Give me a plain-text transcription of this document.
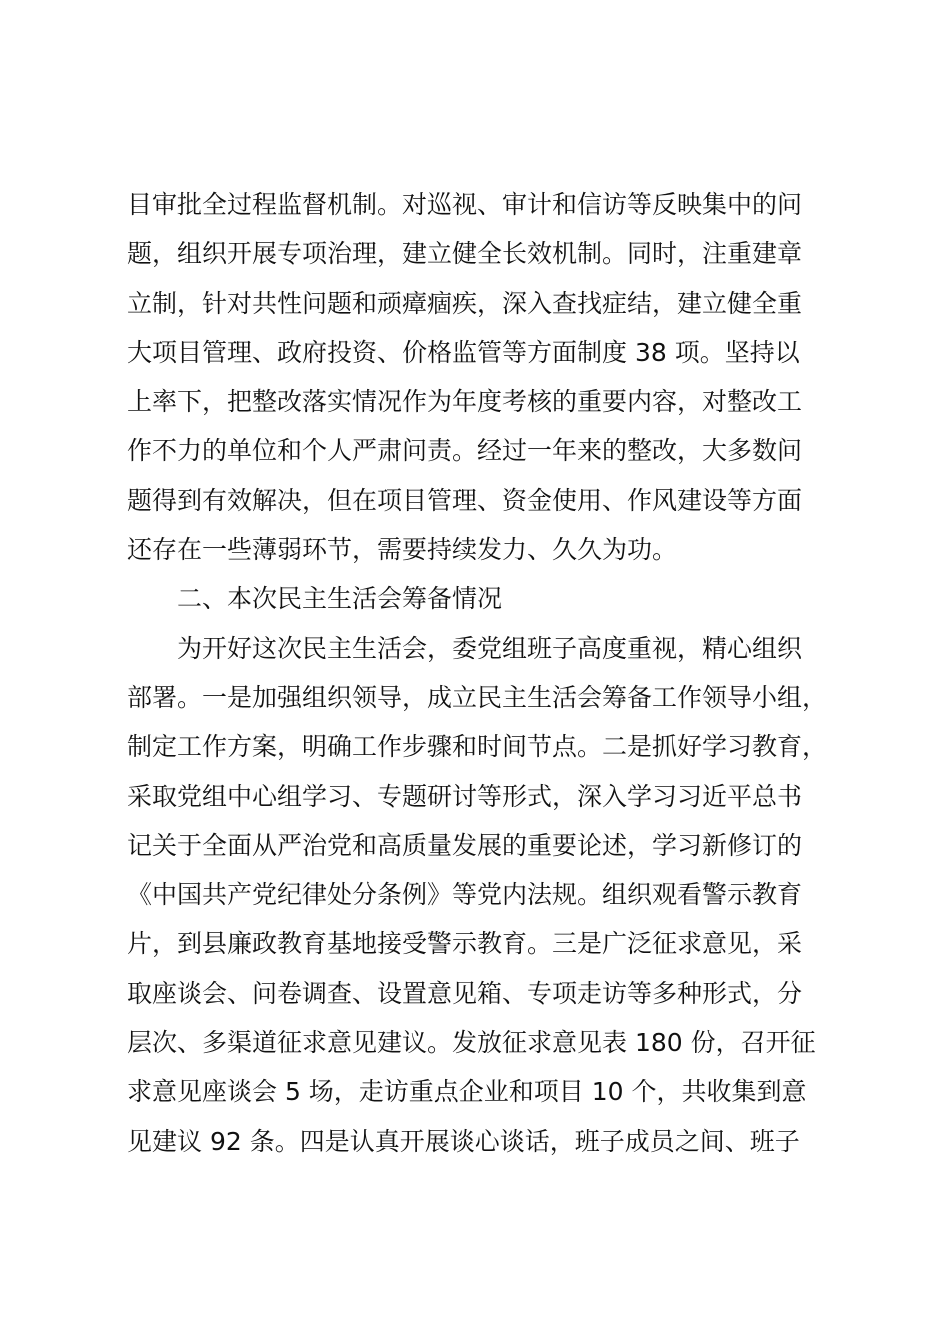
目审批全过程监督机制。对巡视、审计和信访等反映集中的问
题，组织开展专项治理，建立健全长效机制。同时，注重建章
立制，针对共性问题和顽瘴痼疾，深入查找症结，建立健全重
大项目管理、政府投资、价格监管等方面制度 38 项。坚持以
上率下，把整改落实情况作为年度考核的重要内容，对整改工
作不力的单位和个人严肃问责。经过一年来的整改，大多数问
题得到有效解决，但在项目管理、资金使用、作风建设等方面
还存在一些薄弱环节，需要持续发力、久久为功。
二、本次民主生活会筹备情况
为开好这次民主生活会，委党组班子高度重视，精心组织
部署。一是加强组织领导，成立民主生活会筹备工作领导小组，
制定工作方案，明确工作步骤和时间节点。二是抓好学习教育，
采取党组中心组学习、专题研讨等形式，深入学习习近平总书
记关于全面从严治党和高质量发展的重要论述，学习新修订的
《中国共产党纪律处分条例》等党内法规。组织观看警示教育
片，到县廉政教育基地接受警示教育。三是广泛征求意见，采
取座谈会、问卷调查、设置意见箱、专项走访等多种形式，分
层次、多渠道征求意见建议。发放征求意见表 180 份，召开征
求意见座谈会 5 场，走访重点企业和项目 10 个，共收集到意
见建议 92 条。四是认真开展谈心谈话，班子成员之间、班子
